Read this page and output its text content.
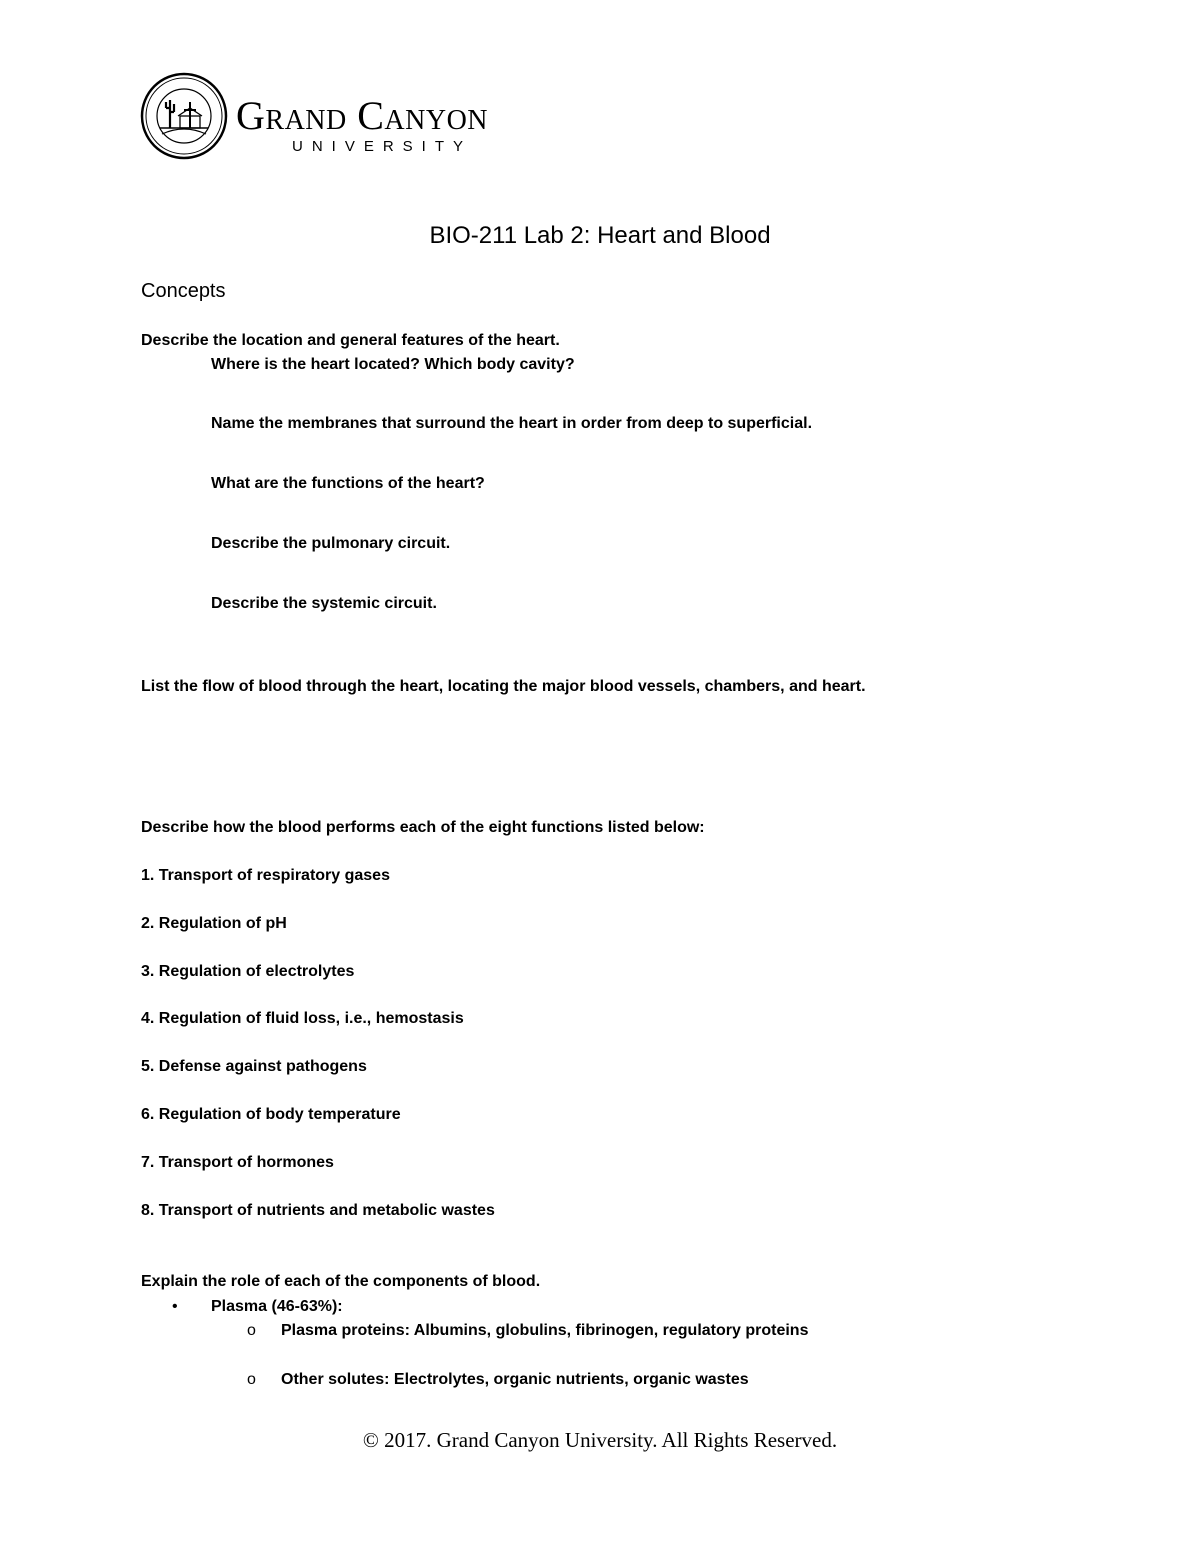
Grand Canyon
UNIVERSITY
BIO-211 Lab 2: Heart and Blood
Concepts
Describe the location and general features of the heart.
Where is the heart located? Which body cavity?
Name the membranes that surround the heart in order from deep to superficial.
What are the functions of the heart?
Describe the pulmonary circuit.
Describe the systemic circuit.
List the flow of blood through the heart, locating the major blood vessels, chambers, and heart.
Describe how the blood performs each of the eight functions listed below:
1. Transport of respiratory gases
2. Regulation of pH
3. Regulation of electrolytes
4. Regulation of fluid loss, i.e., hemostasis
5. Defense against pathogens
6. Regulation of body temperature
7. Transport of hormones
8. Transport of nutrients and metabolic wastes
Explain the role of each of the components of blood.
• Plasma (46-63%):
o Plasma proteins: Albumins, globulins, fibrinogen, regulatory proteins
o Other solutes: Electrolytes, organic nutrients, organic wastes
© 2017. Grand Canyon University. All Rights Reserved.
